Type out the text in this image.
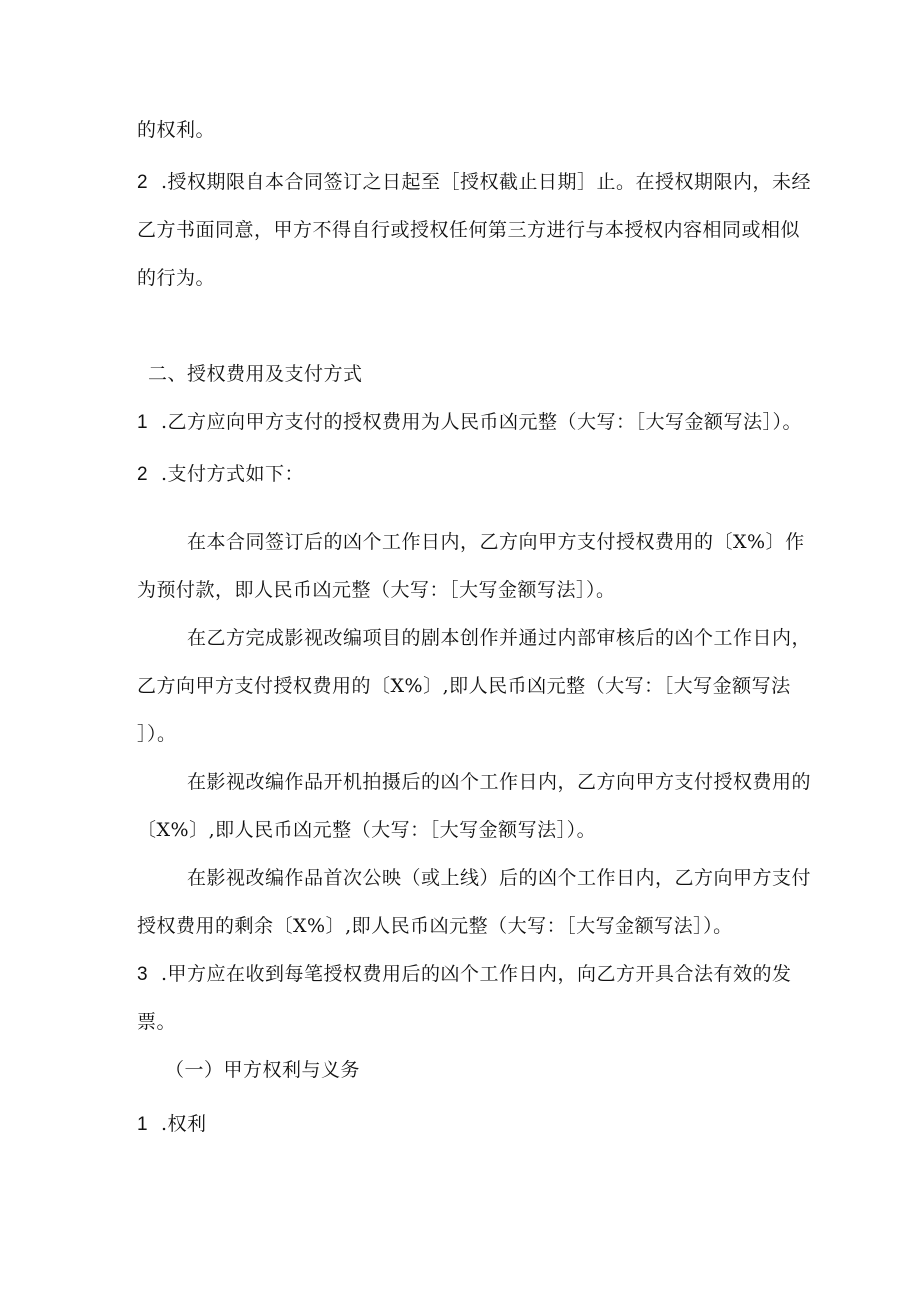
的权利。
2 .授权期限自本合同签订之日起至［授权截止日期］止。在授权期限内，未经
乙方书面同意，甲方不得自行或授权任何第三方进行与本授权内容相同或相似
的行为。
二、授权费用及支付方式
1 .乙方应向甲方支付的授权费用为人民币凶元整（大写：［大写金额写法］）。
2 .支付方式如下：
在本合同签订后的凶个工作日内，乙方向甲方支付授权费用的〔X%〕作
为预付款，即人民币凶元整（大写：［大写金额写法］）。
在乙方完成影视改编项目的剧本创作并通过内部审核后的凶个工作日内，
乙方向甲方支付授权费用的〔X%〕,即人民币凶元整（大写：［大写金额写法
］）。
在影视改编作品开机拍摄后的凶个工作日内，乙方向甲方支付授权费用的
〔X%〕,即人民币凶元整（大写：［大写金额写法］）。
在影视改编作品首次公映（或上线）后的凶个工作日内，乙方向甲方支付
授权费用的剩余〔X%〕,即人民币凶元整（大写：［大写金额写法］）。
3 .甲方应在收到每笔授权费用后的凶个工作日内，向乙方开具合法有效的发
票。
（一）甲方权利与义务
1 .权利
